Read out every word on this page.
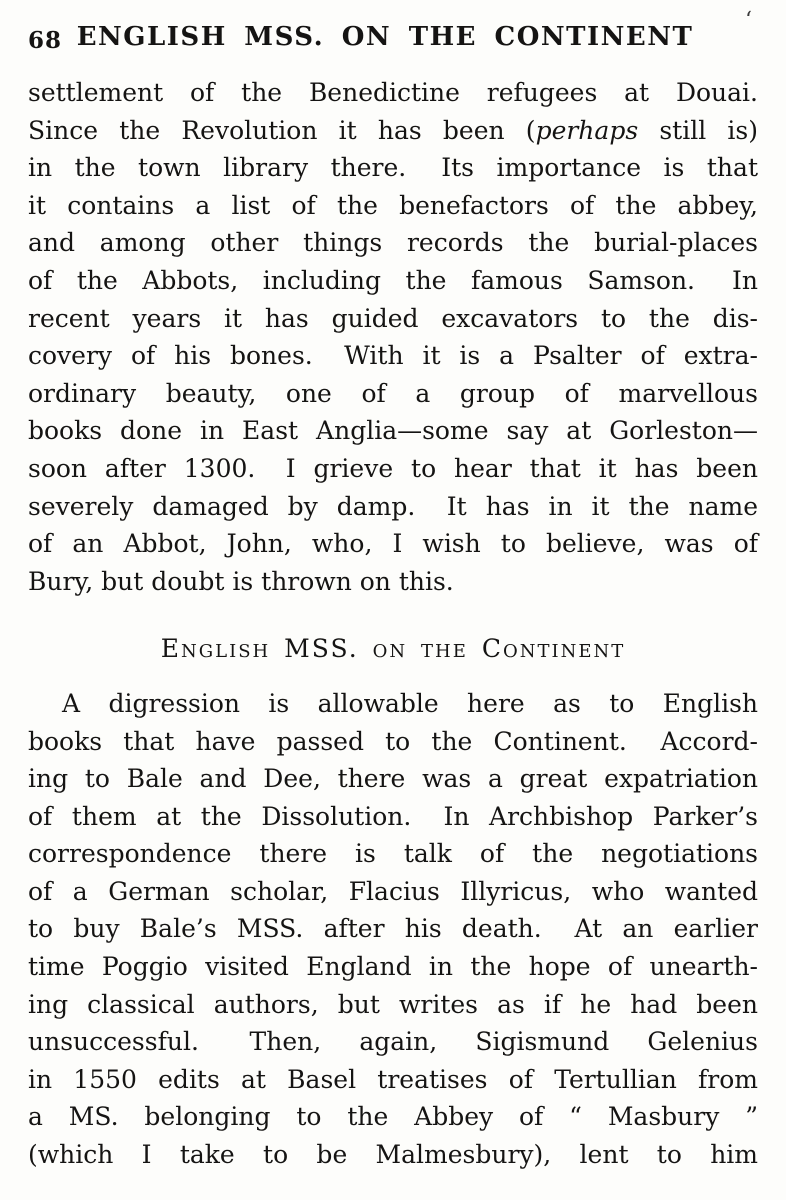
68 ENGLISH MSS. ON THE CONTINENT
‘
settlement of the Benedictine refugees at Douai.
Since the Revolution it has been (perhaps still is)
in the town library there.  Its importance is that
it contains a list of the benefactors of the abbey,
and among other things records the burial-places
of the Abbots, including the famous Samson.  In
recent years it has guided excavators to the dis-
covery of his bones.  With it is a Psalter of extra-
ordinary beauty, one of a group of marvellous
books done in East Anglia—some say at Gorleston—
soon after 1300.  I grieve to hear that it has been
severely damaged by damp.  It has in it the name
of an Abbot, John, who, I wish to believe, was of
Bury, but doubt is thrown on this.
English MSS. on the Continent
A digression is allowable here as to English
books that have passed to the Continent.  Accord-
ing to Bale and Dee, there was a great expatriation
of them at the Dissolution.  In Archbishop Parker’s
correspondence there is talk of the negotiations
of a German scholar, Flacius Illyricus, who wanted
to buy Bale’s MSS. after his death.  At an earlier
time Poggio visited England in the hope of unearth-
ing classical authors, but writes as if he had been
unsuccessful.  Then, again, Sigismund Gelenius
in 1550 edits at Basel treatises of Tertullian from
a MS. belonging to the Abbey of “ Masbury ”
(which I take to be Malmesbury), lent to him
